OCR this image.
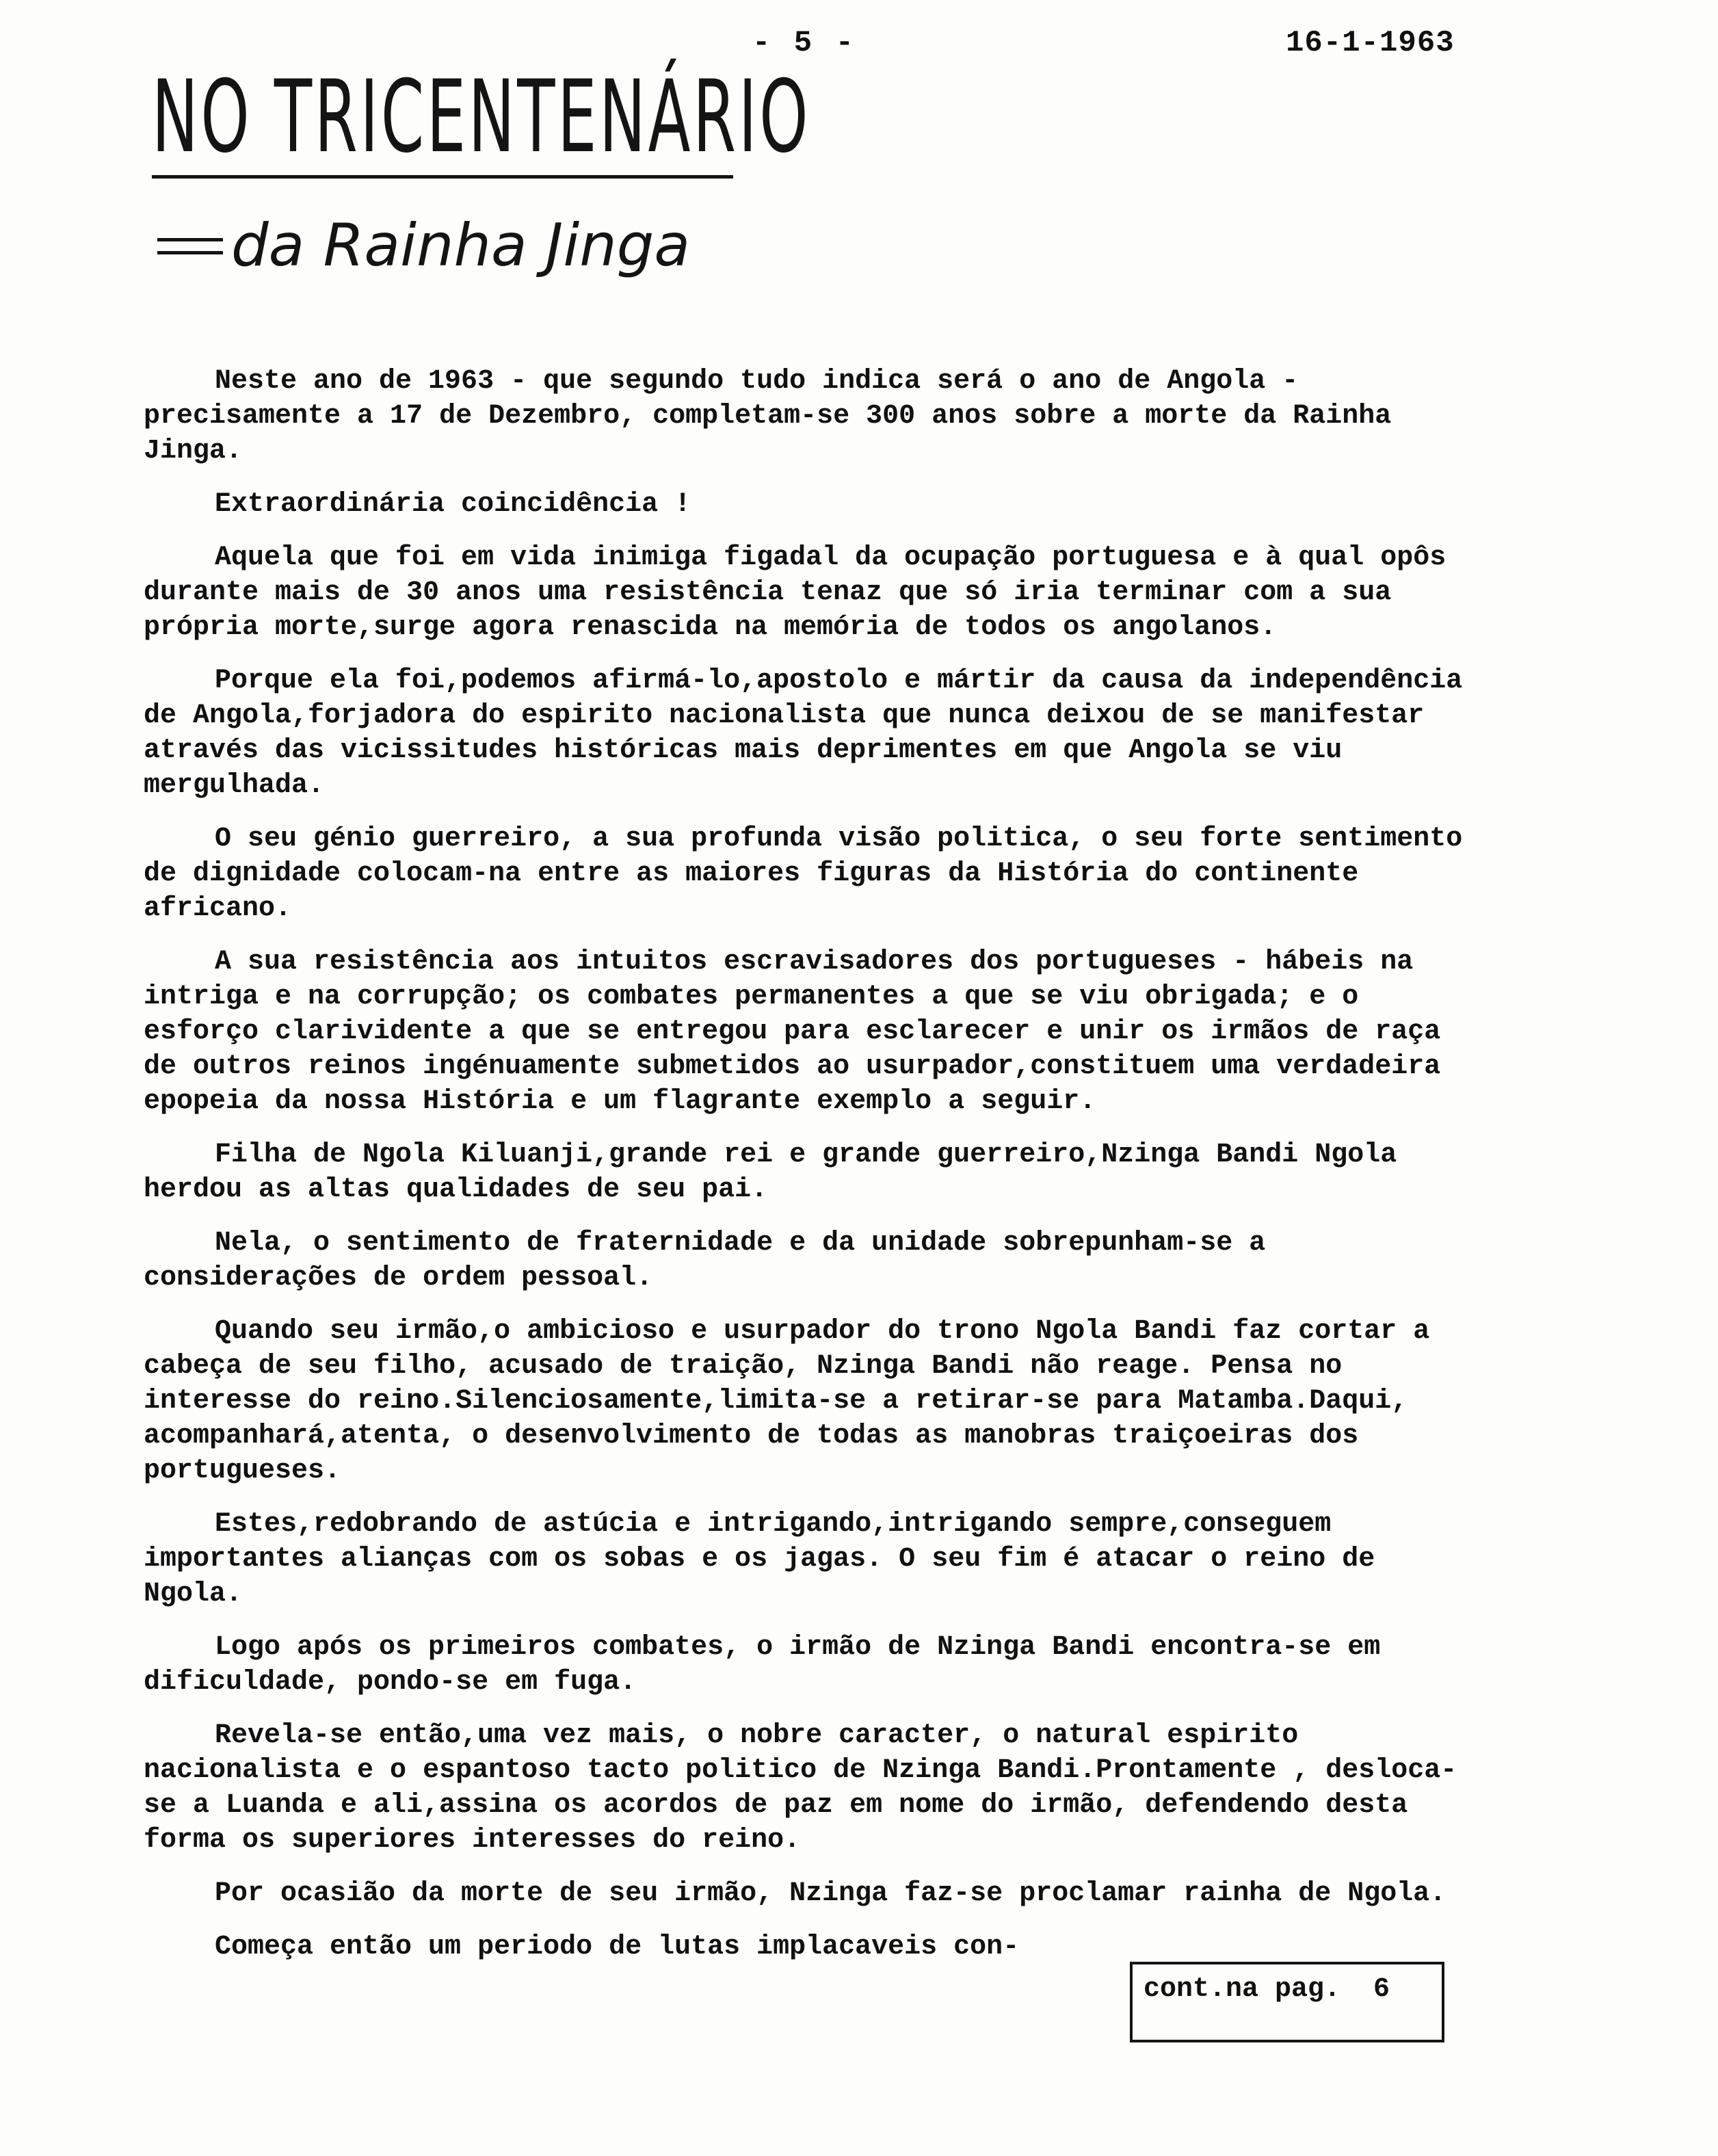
- 5 -	16-1-1963
NO TRICENTENÁRIO
da Rainha Jinga

Neste ano de 1963 - que segundo tudo indica será o ano de Angola - precisamente a 17 de Dezembro, completam-se 300 anos sobre a morte da Rainha Jinga.

Extraordinária coincidência !

Aquela que foi em vida inimiga figadal da ocupação portuguesa e à qual opôs durante mais de 30 anos uma resistência tenaz que só iria terminar com a sua própria morte,surge agora renascida na memória de todos os angolanos.

Porque ela foi,podemos afirmá-lo,apostolo e mártir da causa da independência de Angola,forjadora do espirito nacionalista que nunca deixou de se manifestar através das vicissitudes históricas mais deprimentes em que Angola se viu mergulhada.

O seu génio guerreiro, a sua profunda visão politica, o seu forte sentimento de dignidade colocam-na entre as maiores figuras da História do continente africano.

A sua resistência aos intuitos escravisadores dos portugueses - hábeis na intriga e na corrupção; os combates permanentes a que se viu obrigada; e o esforço clarividente a que se entregou para esclarecer e unir os irmãos de raça de outros reinos ingénuamente submetidos ao usurpador,constituem uma verdadeira epopeia da nossa História e um flagrante exemplo a seguir.

Filha de Ngola Kiluanji,grande rei e grande guerreiro,Nzinga Bandi Ngola herdou as altas qualidades de seu pai.

Nela, o sentimento de fraternidade e da unidade sobrepunham-se a considerações de ordem pessoal.

Quando seu irmão,o ambicioso e usurpador do trono Ngola Bandi faz cortar a cabeça de seu filho, acusado de traição, Nzinga Bandi não reage. Pensa no interesse do reino.Silenciosamente,limita-se a retirar-se para Matamba.Daqui, acompanhará,atenta, o desenvolvimento de todas as manobras traiçoeiras dos portugueses.

Estes,redobrando de astúcia e intrigando,intrigando sempre,conseguem importantes alianças com os sobas e os jagas. O seu fim é atacar o reino de Ngola.

Logo após os primeiros combates, o irmão de Nzinga Bandi encontra-se em dificuldade, pondo-se em fuga.

Revela-se então,uma vez mais, o nobre caracter, o natural espirito nacionalista e o espantoso tacto politico de Nzinga Bandi.Prontamente , desloca-se a Luanda e ali,assina os acordos de paz em nome do irmão, defendendo desta forma os superiores interesses do reino.

Por ocasião da morte de seu irmão, Nzinga faz-se proclamar rainha de Ngola.

Começa então um periodo de lutas implacaveis con-

cont.na pag.  6
